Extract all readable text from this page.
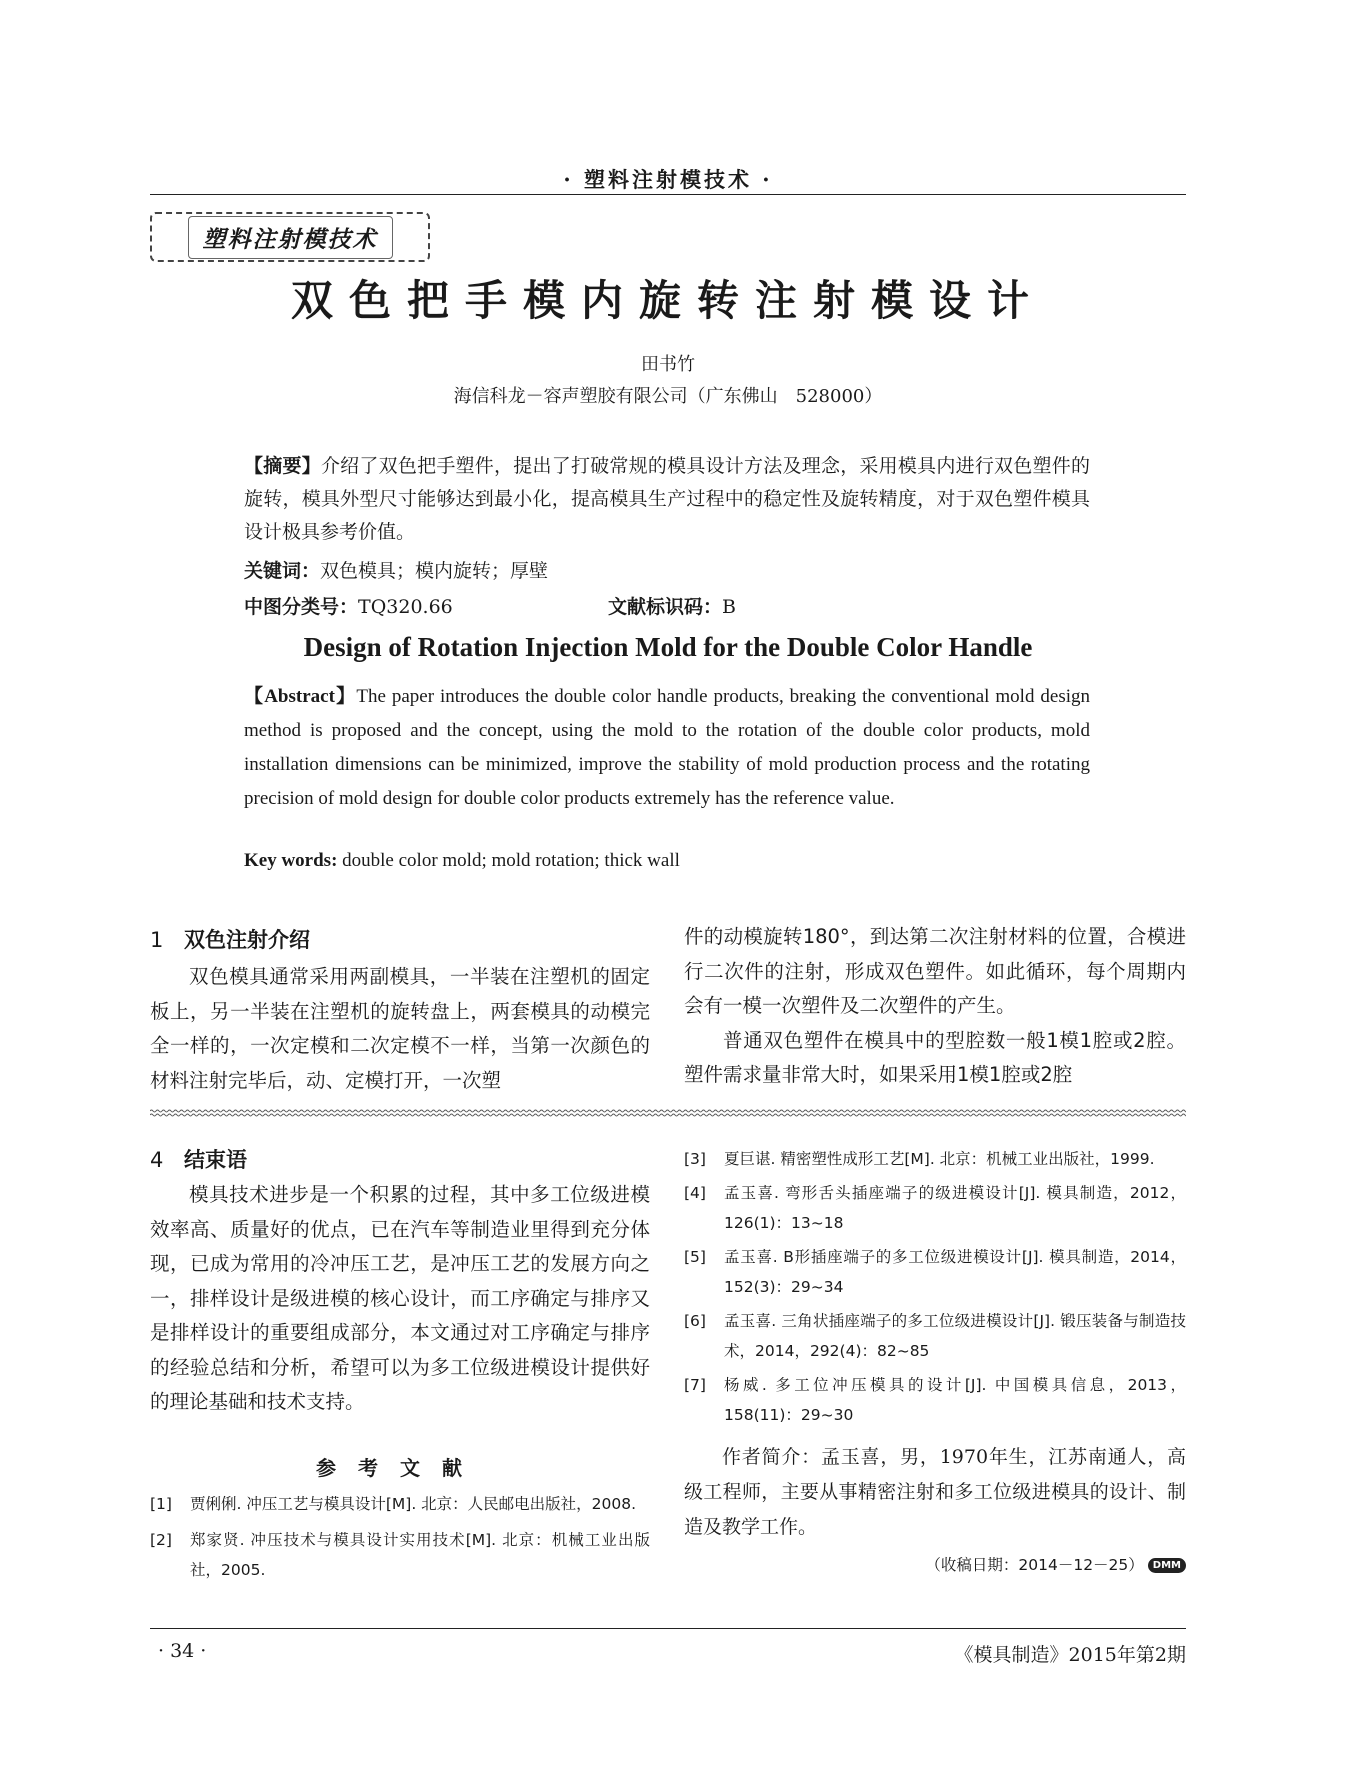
· 塑料注射模技术 ·
塑料注射模技术
双色把手模内旋转注射模设计
田书竹
海信科龙－容声塑胶有限公司（广东佛山　528000）
【摘要】介绍了双色把手塑件，提出了打破常规的模具设计方法及理念，采用模具内进行双色塑件的旋转，模具外型尺寸能够达到最小化，提高模具生产过程中的稳定性及旋转精度，对于双色塑件模具设计极具参考价值。
关键词：双色模具；模内旋转；厚壁
中图分类号：TQ320.66	文献标识码：B
Design of Rotation Injection Mold for the Double Color Handle
【Abstract】The paper introduces the double color handle products, breaking the conventional mold design method is proposed and the concept, using the mold to the rotation of the double color products, mold installation dimensions can be minimized, improve the stability of mold production process and the rotating precision of mold design for double color products extremely has the reference value.
Key words: double color mold; mold rotation; thick wall
1 双色注射介绍

双色模具通常采用两副模具，一半装在注塑机的固定板上，另一半装在注塑机的旋转盘上，两套模具的动模完全一样的，一次定模和二次定模不一样，当第一次颜色的材料注射完毕后，动、定模打开，一次塑

件的动模旋转180°，到达第二次注射材料的位置，合模进行二次件的注射，形成双色塑件。如此循环，每个周期内会有一模一次塑件及二次塑件的产生。

普通双色塑件在模具中的型腔数一般1模1腔或2腔。塑件需求量非常大时，如果采用1模1腔或2腔

4 结束语

模具技术进步是一个积累的过程，其中多工位级进模效率高、质量好的优点，已在汽车等制造业里得到充分体现，已成为常用的冷冲压工艺，是冲压工艺的发展方向之一，排样设计是级进模的核心设计，而工序确定与排序又是排样设计的重要组成部分，本文通过对工序确定与排序的经验总结和分析，希望可以为多工位级进模设计提供好的理论基础和技术支持。

参考文献
[1]	贾俐俐. 冲压工艺与模具设计[M]. 北京：人民邮电出版社，2008.
[2]	郑家贤. 冲压技术与模具设计实用技术[M]. 北京：机械工业出版社，2005.
[3]	夏巨谌. 精密塑性成形工艺[M]. 北京：机械工业出版社，1999.
[4]	孟玉喜. 弯形舌头插座端子的级进模设计[J]. 模具制造，2012，126(1)：13~18
[5]	孟玉喜. B形插座端子的多工位级进模设计[J]. 模具制造，2014，152(3)：29~34
[6]	孟玉喜. 三角状插座端子的多工位级进模设计[J]. 锻压装备与制造技术，2014，292(4)：82~85
[7]	杨威. 多工位冲压模具的设计[J]. 中国模具信息，2013，158(11)：29~30

作者简介：孟玉喜，男，1970年生，江苏南通人，高级工程师，主要从事精密注射和多工位级进模具的设计、制造及教学工作。

（收稿日期：2014－12－25） DMM
· 34 ·	《模具制造》2015年第2期
